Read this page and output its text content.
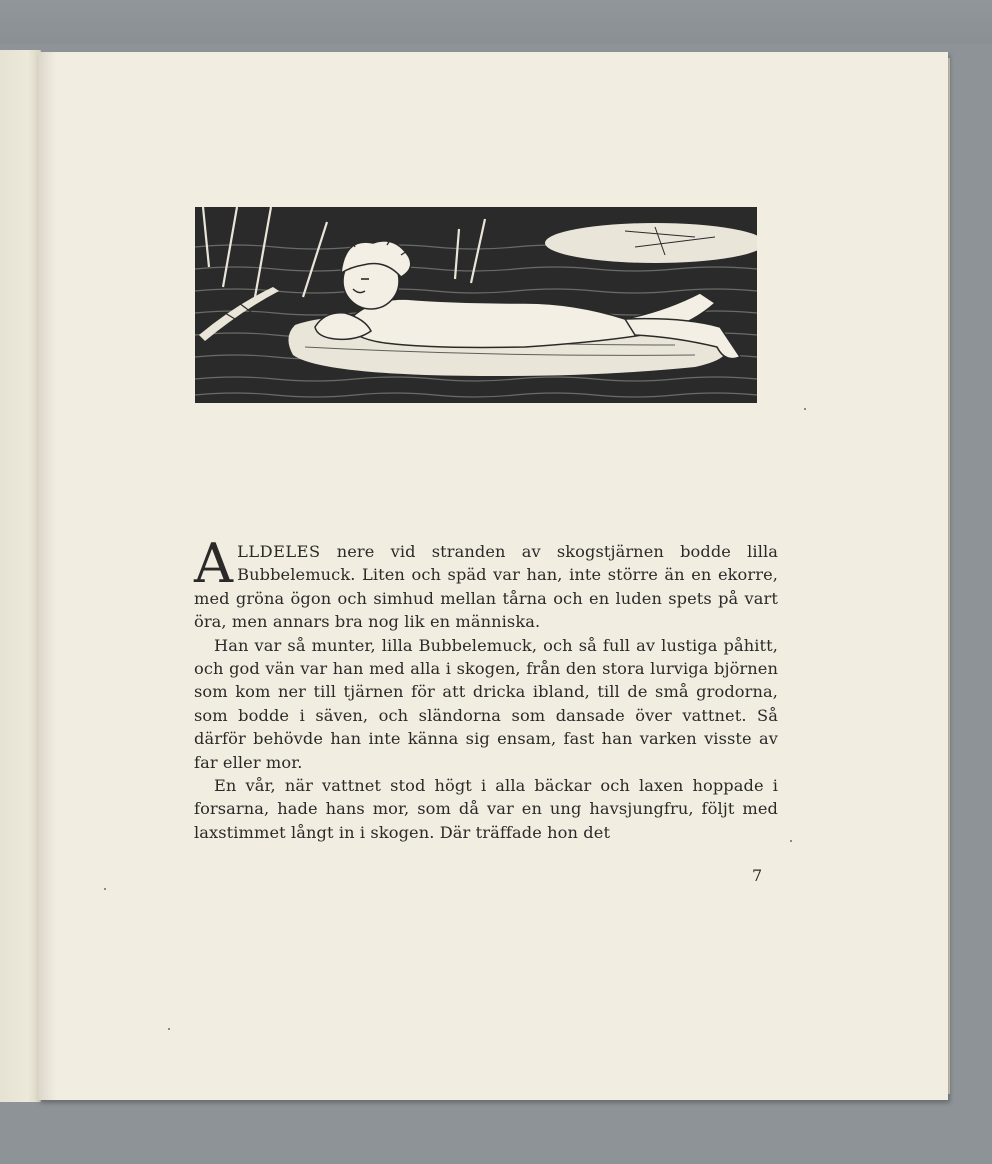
ALLDELES nere vid stranden av skogstjärnen bodde lilla Bubbelemuck. Liten och späd var han, inte större än en ekorre, med gröna ögon och simhud mellan tårna och en luden spets på vart öra, men annars bra nog lik en människa.

Han var så munter, lilla Bubbelemuck, och så full av lustiga påhitt, och god vän var han med alla i skogen, från den stora lurviga björnen som kom ner till tjärnen för att dricka ibland, till de små grodorna, som bodde i säven, och sländorna som dansade över vattnet. Så därför behövde han inte känna sig ensam, fast han varken visste av far eller mor.

En vår, när vattnet stod högt i alla bäckar och laxen hoppade i forsarna, hade hans mor, som då var en ung havsjungfru, följt med laxstimmet långt in i skogen. Där träffade hon det

7
